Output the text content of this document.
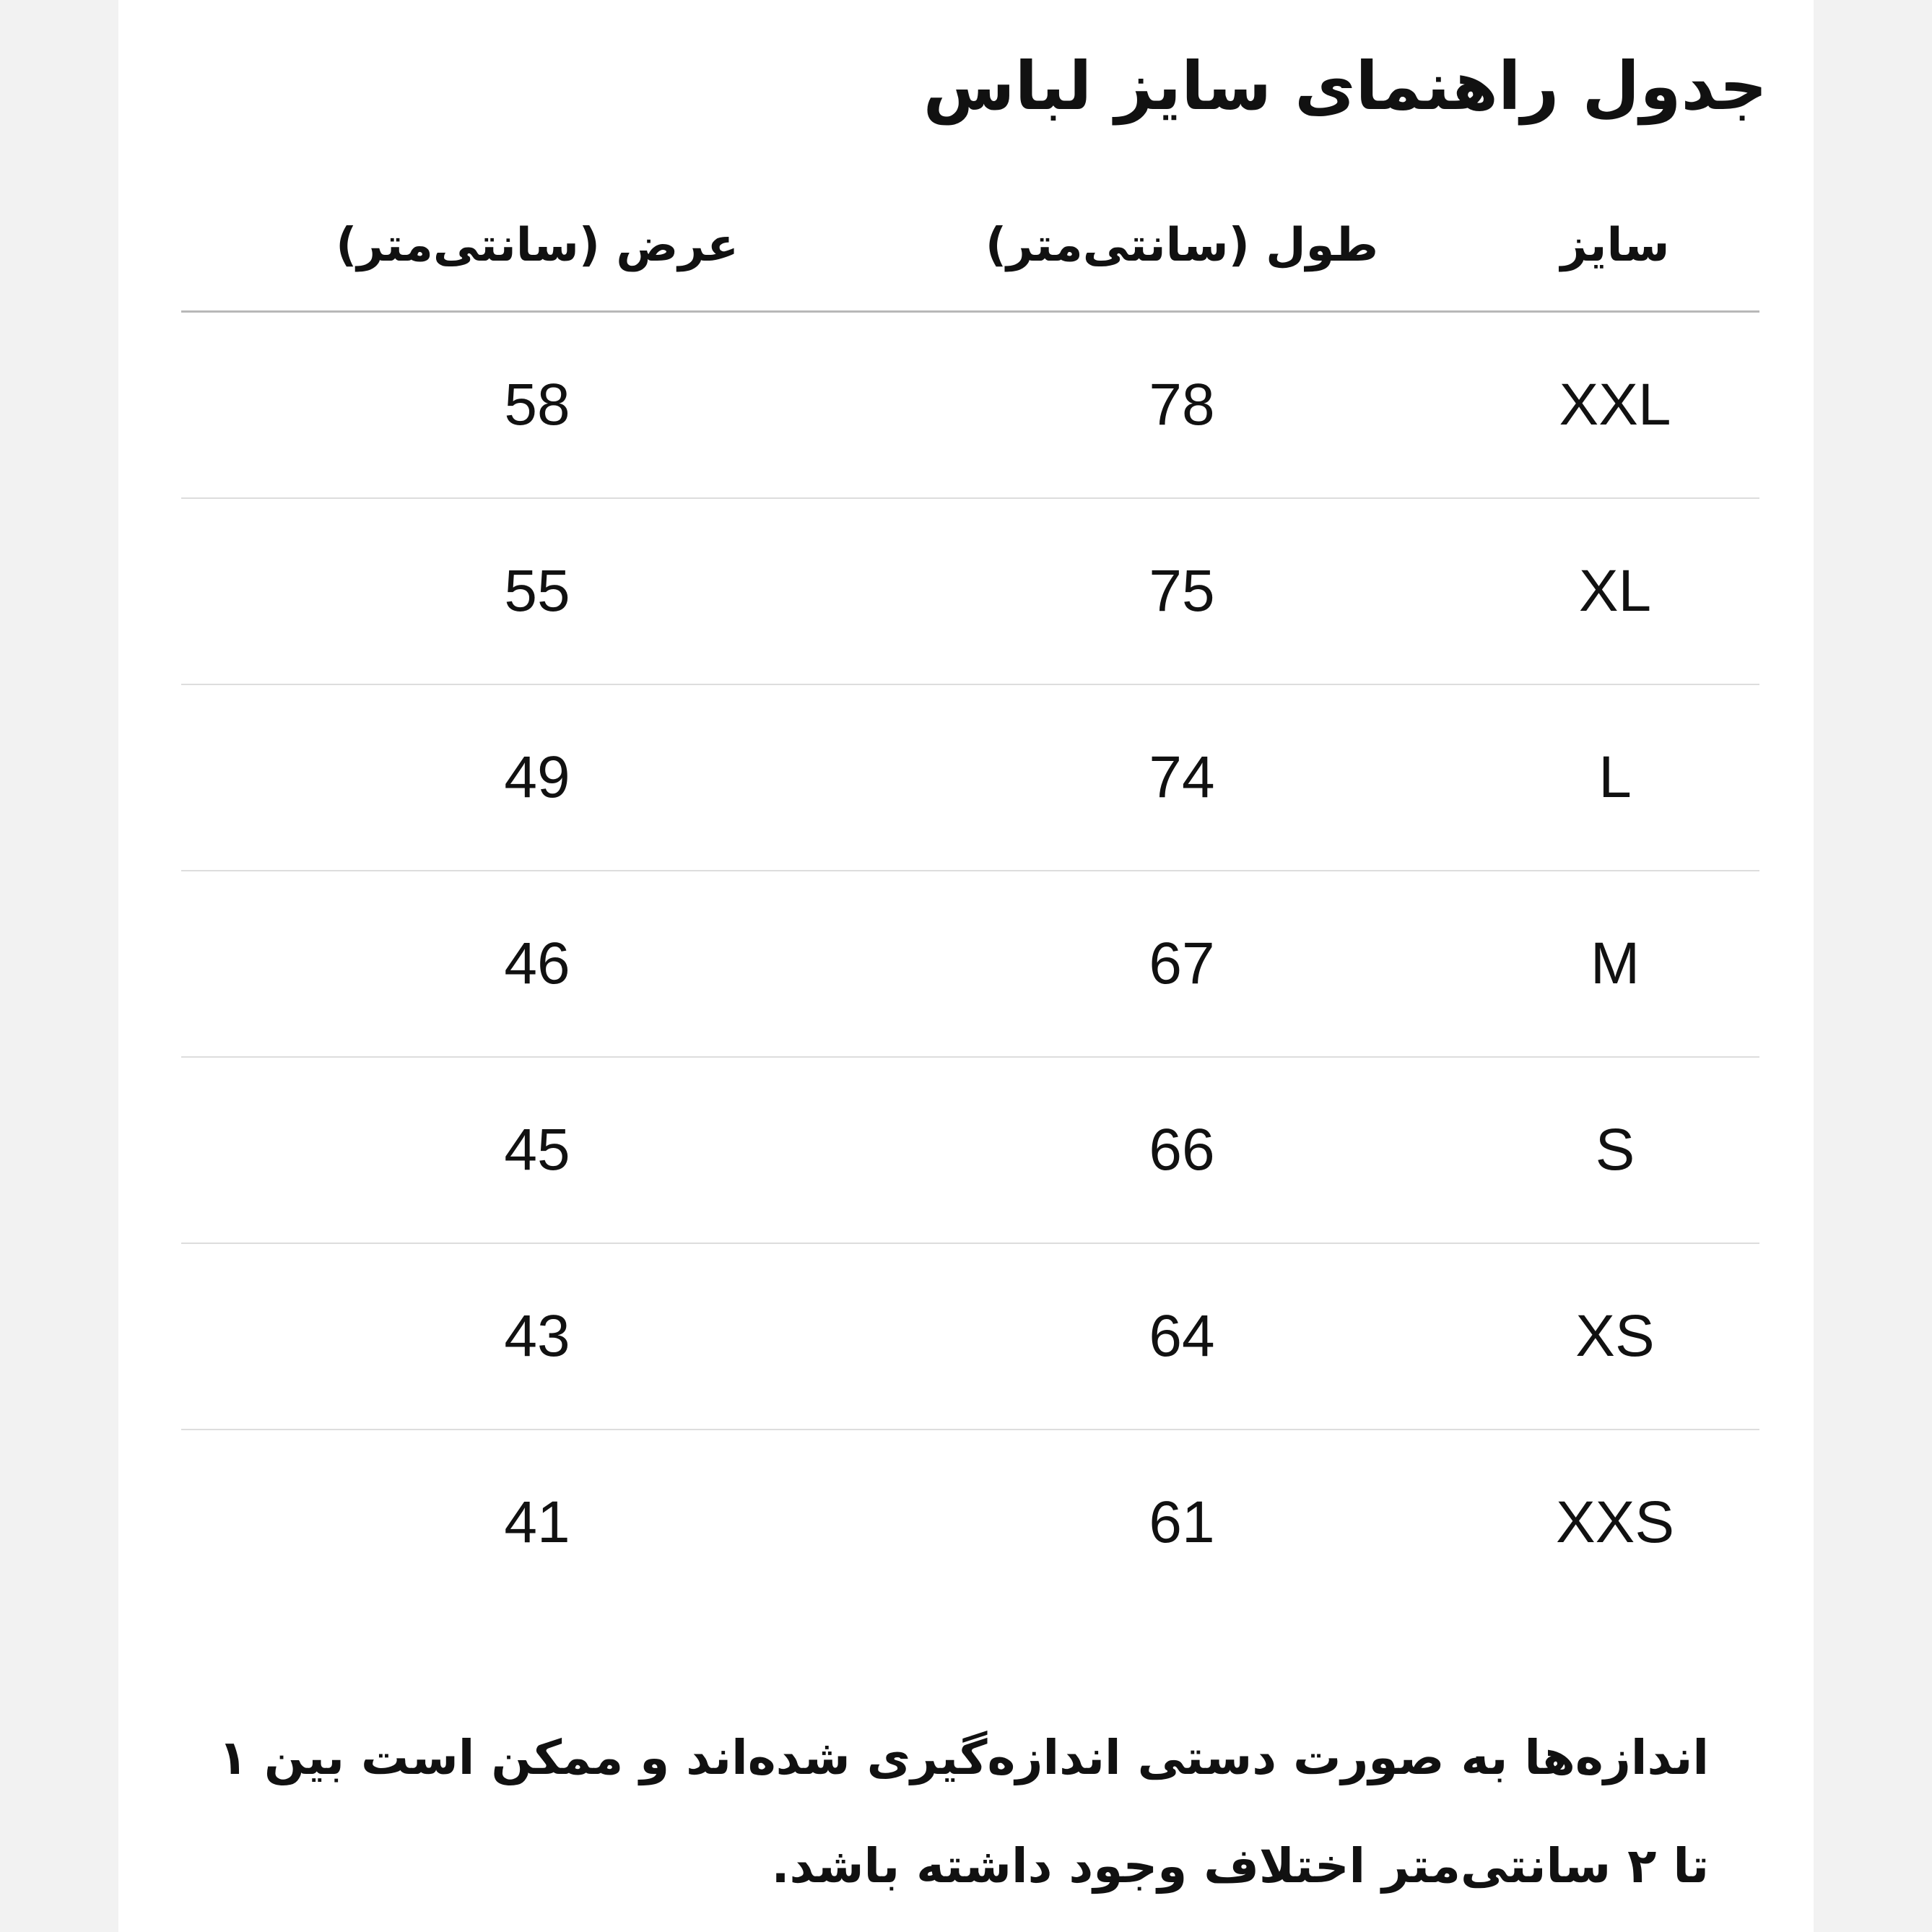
جدول راهنمای سایز لباس
عرض (سانتی‌متر)	طول (سانتی‌متر)	سایز
58	78	XXL
55	75	XL
49	74	L
46	67	M
45	66	S
43	64	XS
41	61	XXS

اندازه‌ها به صورت دستی اندازه‌گیری شده‌اند و ممکن است بین ۱ تا ۲ سانتی‌متر اختلاف وجود داشته باشد.
